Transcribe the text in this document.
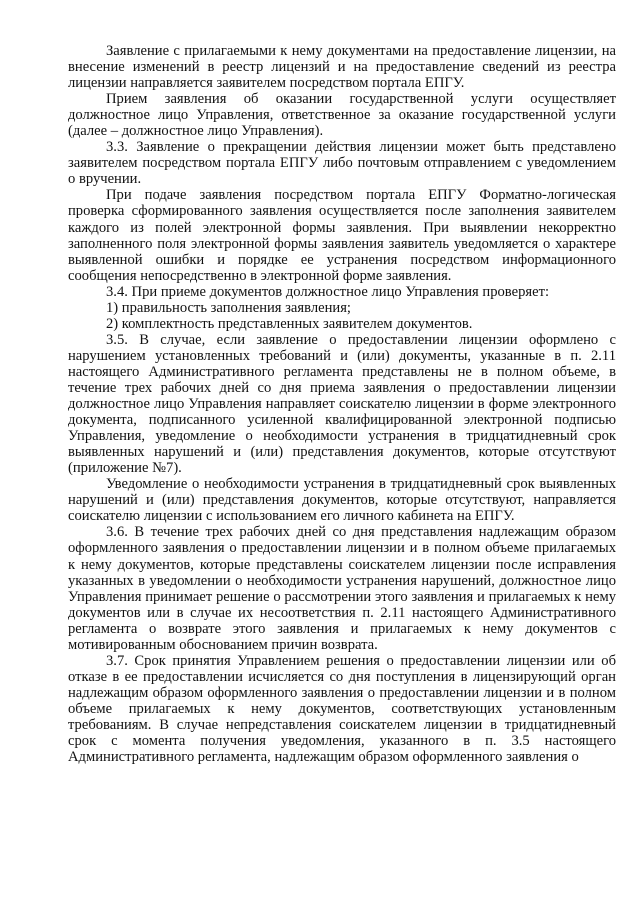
Заявление с прилагаемыми к нему документами на предоставление лицензии, на внесение изменений в реестр лицензий и на предоставление сведений из реестра лицензии направляется заявителем посредством портала ЕПГУ.

Прием заявления об оказании государственной услуги осуществляет должностное лицо Управления, ответственное за оказание государственной услуги (далее – должностное лицо Управления).

3.3. Заявление о прекращении действия лицензии может быть представлено заявителем посредством портала ЕПГУ либо почтовым отправлением с уведомлением о вручении.

При подаче заявления посредством портала ЕПГУ Форматно-логическая проверка сформированного заявления осуществляется после заполнения заявителем каждого из полей электронной формы заявления. При выявлении некорректно заполненного поля электронной формы заявления заявитель уведомляется о характере выявленной ошибки и порядке ее устранения посредством информационного сообщения непосредственно в электронной форме заявления.

3.4. При приеме документов должностное лицо Управления проверяет:

1) правильность заполнения заявления;

2) комплектность представленных заявителем документов.

3.5. В случае, если заявление о предоставлении лицензии оформлено с нарушением установленных требований и (или) документы, указанные в п. 2.11 настоящего Административного регламента представлены не в полном объеме, в течение трех рабочих дней со дня приема заявления о предоставлении лицензии должностное лицо Управления направляет соискателю лицензии в форме электронного документа, подписанного усиленной квалифицированной электронной подписью Управления, уведомление о необходимости устранения в тридцатидневный срок выявленных нарушений и (или) представления документов, которые отсутствуют (приложение №7).

Уведомление о необходимости устранения в тридцатидневный срок выявленных нарушений и (или) представления документов, которые отсутствуют, направляется соискателю лицензии с использованием его личного кабинета на ЕПГУ.

3.6. В течение трех рабочих дней со дня представления надлежащим образом оформленного заявления о предоставлении лицензии и в полном объеме прилагаемых к нему документов, которые представлены соискателем лицензии после исправления указанных в уведомлении о необходимости устранения нарушений, должностное лицо Управления принимает решение о рассмотрении этого заявления и прилагаемых к нему документов или в случае их несоответствия п. 2.11 настоящего Административного регламента о возврате этого заявления и прилагаемых к нему документов с мотивированным обоснованием причин возврата.

3.7. Срок принятия Управлением решения о предоставлении лицензии или об отказе в ее предоставлении исчисляется со дня поступления в лицензирующий орган надлежащим образом оформленного заявления о предоставлении лицензии и в полном объеме прилагаемых к нему документов, соответствующих установленным требованиям. В случае непредставления соискателем лицензии в тридцатидневный срок с момента получения уведомления, указанного в п. 3.5 настоящего Административного регламента, надлежащим образом оформленного заявления о
